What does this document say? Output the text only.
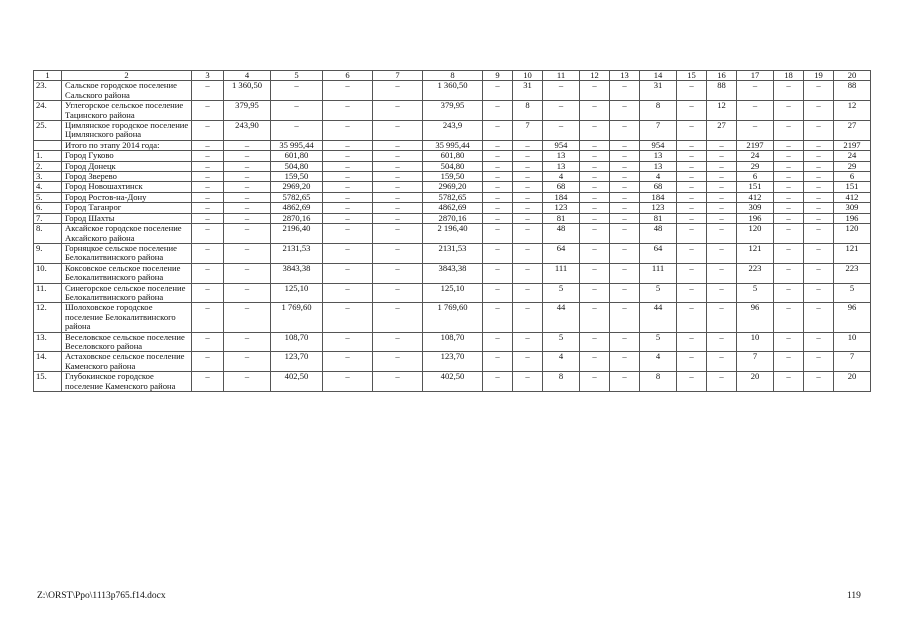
1	2	3	4	5	6	7	8	9	10	11	12	13	14	15	16	17	18	19	20
23.	Сальское городское поселение Сальского района	–	1 360,50	–	–	–	1 360,50	–	31	–	–	–	31	–	88	–	–	–	88
24.	Углегорское сельское поселение Тацинского района	–	379,95	–	–	–	379,95	–	8	–	–	–	8	–	12	–	–	–	12
25.	Цимлянское городское поселение Цимлянского района	–	243,90	–	–	–	243,9	–	7	–	–	–	7	–	27	–	–	–	27
	Итого по этапу 2014 года:	–	–	35 995,44	–	–	35 995,44	–	–	954	–	–	954	–	–	2197	–	–	2197
1.	Город Гуково	–	–	601,80	–	–	601,80	–	–	13	–	–	13	–	–	24	–	–	24
2.	Город Донецк	–	–	504,80	–	–	504,80	–	–	13	–	–	13	–	–	29	–	–	29
3.	Город Зверево	–	–	159,50	–	–	159,50	–	–	4	–	–	4	–	–	6	–	–	6
4.	Город Новошахтинск	–	–	2969,20	–	–	2969,20	–	–	68	–	–	68	–	–	151	–	–	151
5.	Город Ростов-на-Дону	–	–	5782,65	–	–	5782,65	–	–	184	–	–	184	–	–	412	–	–	412
6.	Город Таганрог	–	–	4862,69	–	–	4862,69	–	–	123	–	–	123	–	–	309	–	–	309
7.	Город Шахты	–	–	2870,16	–	–	2870,16	–	–	81	–	–	81	–	–	196	–	–	196
8.	Аксайское городское поселение Аксайского района	–	–	2196,40	–	–	2 196,40	–	–	48	–	–	48	–	–	120	–	–	120
9.	Горняцкое сельское поселение Белокалитвинского района	–	–	2131,53	–	–	2131,53	–	–	64	–	–	64	–	–	121	–	–	121
10.	Коксовское сельское поселение Белокалитвинского района	–	–	3843,38	–	–	3843,38	–	–	111	–	–	111	–	–	223	–	–	223
11.	Синегорское сельское поселение Белокалитвинского района	–	–	125,10	–	–	125,10	–	–	5	–	–	5	–	–	5	–	–	5
12.	Шолоховское городское поселение Белокалитвинского района	–	–	1 769,60	–	–	1 769,60	–	–	44	–	–	44	–	–	96	–	–	96
13.	Веселовское сельское поселение Веселовского района	–	–	108,70	–	–	108,70	–	–	5	–	–	5	–	–	10	–	–	10
14.	Астаховское сельское поселение Каменского района	–	–	123,70	–	–	123,70	–	–	4	–	–	4	–	–	7	–	–	7
15.	Глубокинское городское поселение Каменского района	–	–	402,50	–	–	402,50	–	–	8	–	–	8	–	–	20	–	–	20
Z:\ORST\Ppo\1113p765.f14.docx	119
